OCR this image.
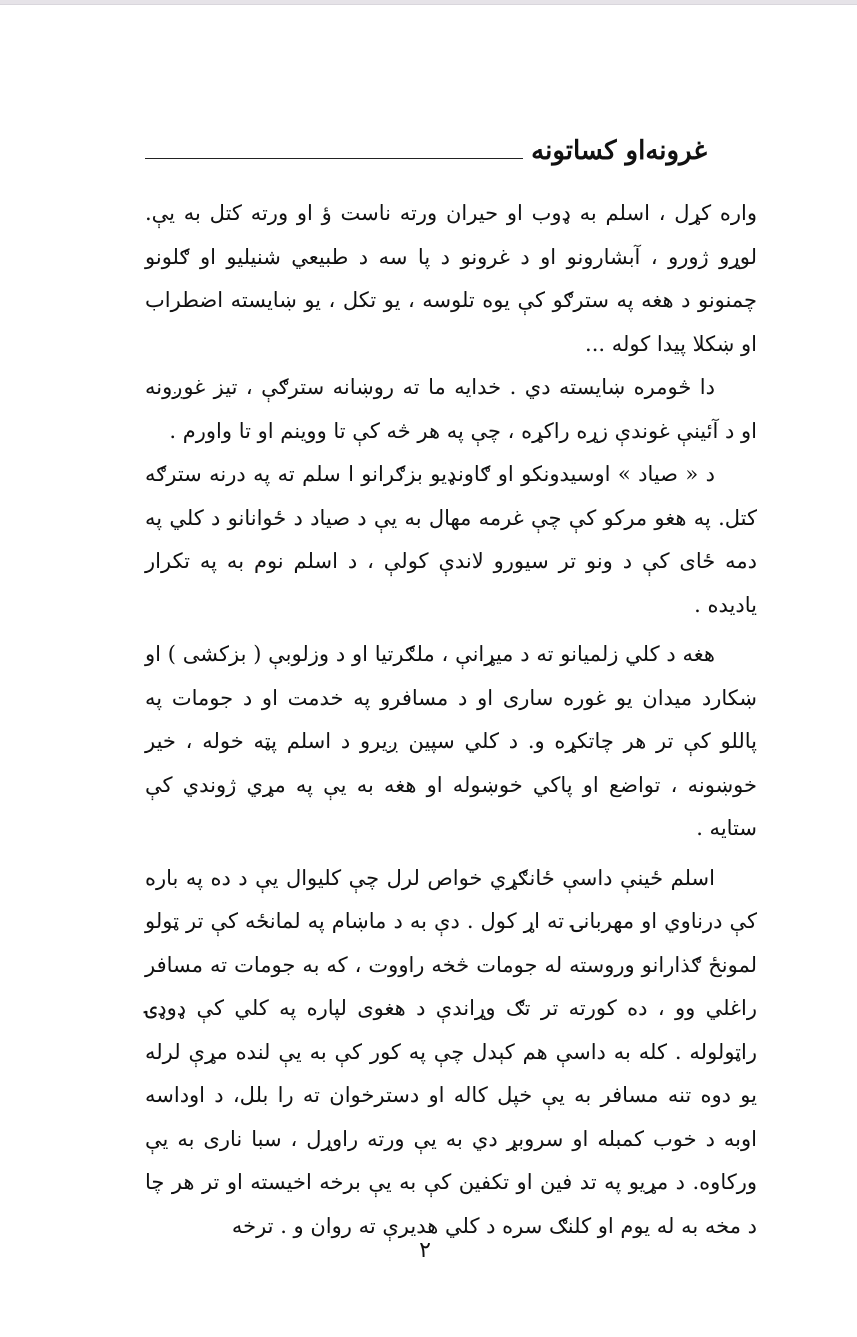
غرونه‌او کساتونه

واره کړل ، اسلم به ډوب او حیران ورته ناست ؤ او ورته کتل به يې. لوړو ژورو ، آبشارونو او د غرونو د پا سه د طبیعي شنیلیو او ګلونو چمنونو د هغه په سترګو کې یوه تلوسه ، یو تکل ، یو ښایسته اضطراب او ښکلا پیدا کوله ...

دا څومره ښایسته دي . خدایه ما ته روښانه سترګې ، تیز غوږونه او د آئینې غوندې زړه راکړه ، چې په هر څه کې تا ووینم او تا واورم .

د « صیاد » اوسیدونکو او ګاونډیو بزګرانو ا سلم ته په درنه سترګه کتل. په هغو مرکو کې چې غرمه مهال به يې د صیاد د ځوانانو د کلي په دمه ځای کې د ونو تر سیورو لاندې کولې ، د اسلم نوم به په تکرار یادیده .

هغه د کلي زلمیانو ته د میړانې ، ملګرتیا او د وزلوبې ( بزکشی ) او ښکارد میدان یو غوره ساری او د مسافرو په خدمت او د جومات په پاللو کې تر هر چاتکړه و. د کلي سپین ږیرو د اسلم پټه خوله ، خیر خوښونه ، تواضع او پاکي خوښوله او هغه به يې په مړي ژوندي کې ستایه .

اسلم ځینې داسې ځانګړي خواص لرل چې کلیوال يې د ده په باره کې درناوي او مهربانۍ ته اړ کول . دې به د ماښام په لمانځه کې تر ټولو لمونځ ګذارانو وروسته له جومات څخه راووت ، که به جومات ته مسافر راغلي وو ، ده کورته تر تګ وړاندې د هغوی لپاره په کلي کې ډوډۍ راټولوله . کله به داسې هم کېدل چې په کور کې به يې لنده مړې لرله یو دوه تنه مسافر به يې خپل کاله او دسترخوان ته را بلل، د اوداسه اوبه د خوب کمبله او سروبړ دي به يې ورته راوړل ، سبا ناری به يې ورکاوه. د مړیو په تد فین او تکفین کې به يې برخه اخیسته او تر هر چا د مخه به له یوم او کلنګ سره د کلي هدیرې ته روان و . ترخه

٢
